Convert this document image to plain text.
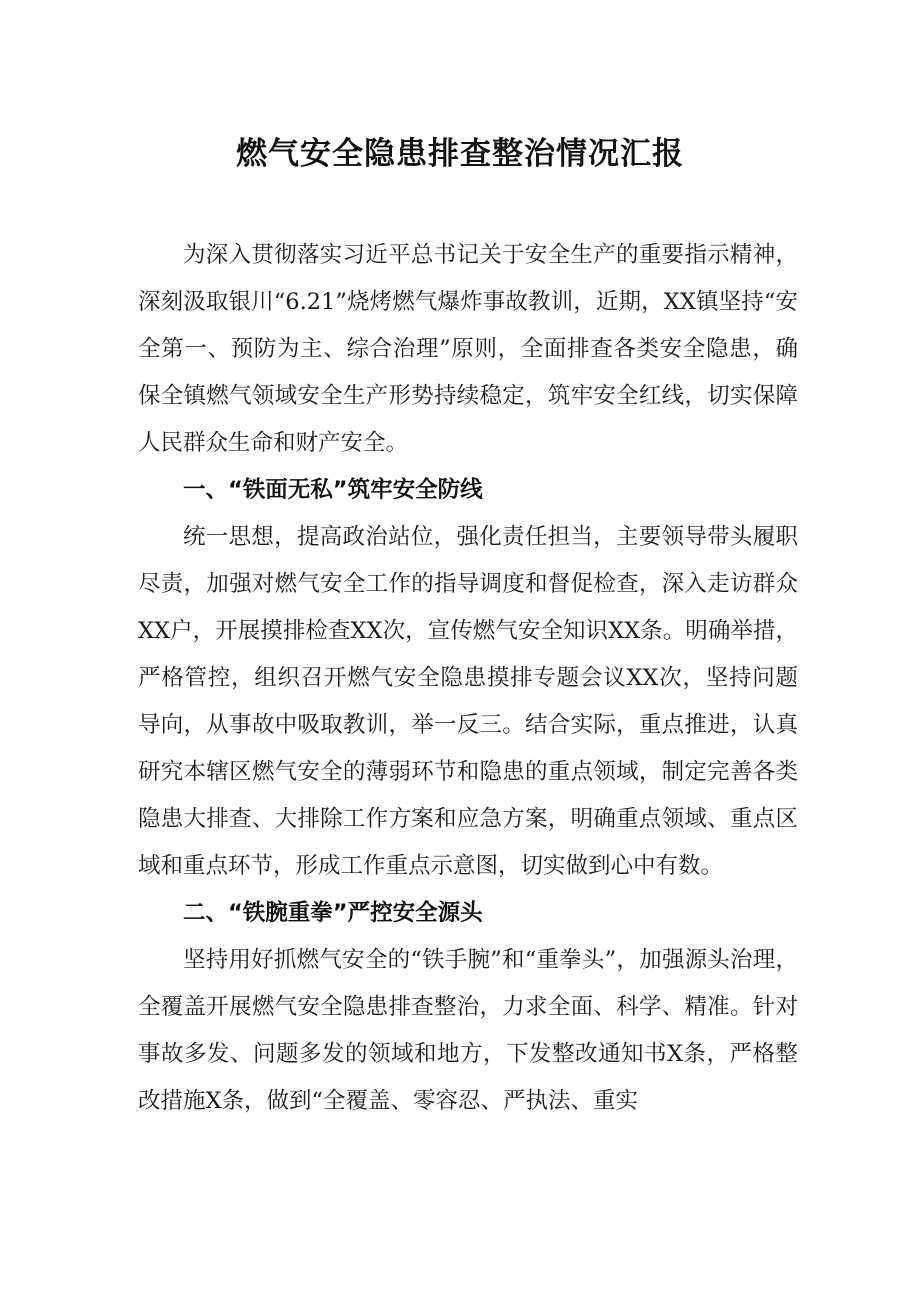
燃气安全隐患排查整治情况汇报

为深入贯彻落实习近平总书记关于安全生产的重要指示精神，深刻汲取银川“6.21”烧烤燃气爆炸事故教训，近期，XX镇坚持“安全第一、预防为主、综合治理”原则，全面排查各类安全隐患，确保全镇燃气领域安全生产形势持续稳定，筑牢安全红线，切实保障人民群众生命和财产安全。

一、“铁面无私”筑牢安全防线

统一思想，提高政治站位，强化责任担当，主要领导带头履职尽责，加强对燃气安全工作的指导调度和督促检查，深入走访群众XX户，开展摸排检查XX次，宣传燃气安全知识XX条。明确举措，严格管控，组织召开燃气安全隐患摸排专题会议XX次，坚持问题导向，从事故中吸取教训，举一反三。结合实际，重点推进，认真研究本辖区燃气安全的薄弱环节和隐患的重点领域，制定完善各类隐患大排查、大排除工作方案和应急方案，明确重点领域、重点区域和重点环节，形成工作重点示意图，切实做到心中有数。

二、“铁腕重拳”严控安全源头

坚持用好抓燃气安全的“铁手腕”和“重拳头”，加强源头治理，全覆盖开展燃气安全隐患排查整治，力求全面、科学、精准。针对事故多发、问题多发的领域和地方，下发整改通知书X条，严格整改措施X条，做到“全覆盖、零容忍、严执法、重实
